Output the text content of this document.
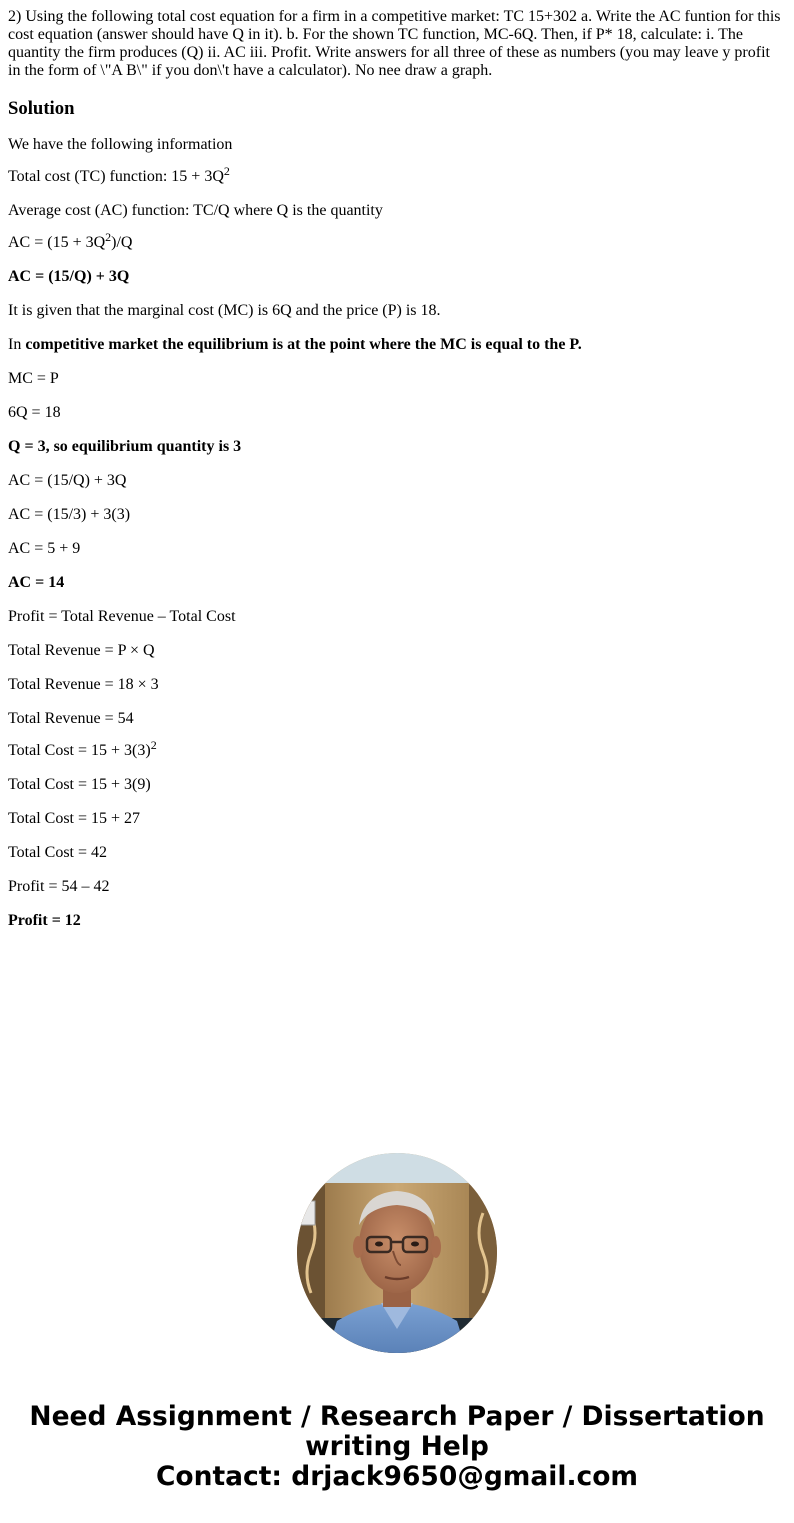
2) Using the following total cost equation for a firm in a competitive market: TC 15+302 a. Write the AC funtion for this cost equation (answer should have Q in it). b. For the shown TC function, MC-6Q. Then, if P* 18, calculate: i. The quantity the firm produces (Q) ii. AC iii. Profit. Write answers for all three of these as numbers (you may leave y profit in the form of \"A B\" if you don\'t have a calculator). No nee draw a graph.

Solution

We have the following information

Total cost (TC) function: $15 + 3Q^2$

Average cost (AC) function: TC/Q where Q is the quantity

AC = $(15 + 3Q^2)/Q$

AC = (15/Q) + 3Q

It is given that the marginal cost (MC) is 6Q and the price (P) is 18.

In competitive market the equilibrium is at the point where the MC is equal to the P.

MC = P

6Q = 18

Q = 3, so equilibrium quantity is 3

AC = (15/Q) + 3Q

AC = (15/3) + 3(3)

AC = 5 + 9

AC = 14

Profit = Total Revenue – Total Cost

Total Revenue = P × Q

Total Revenue = 18 × 3

Total Revenue = 54

Total Cost = $15 + 3(3)^2$

Total Cost = 15 + 3(9)

Total Cost = 15 + 27

Total Cost = 42

Profit = 54 – 42

Profit = 12

Need Assignment / Research Paper / Dissertation
writing Help
Contact: drjack9650@gmail.com
